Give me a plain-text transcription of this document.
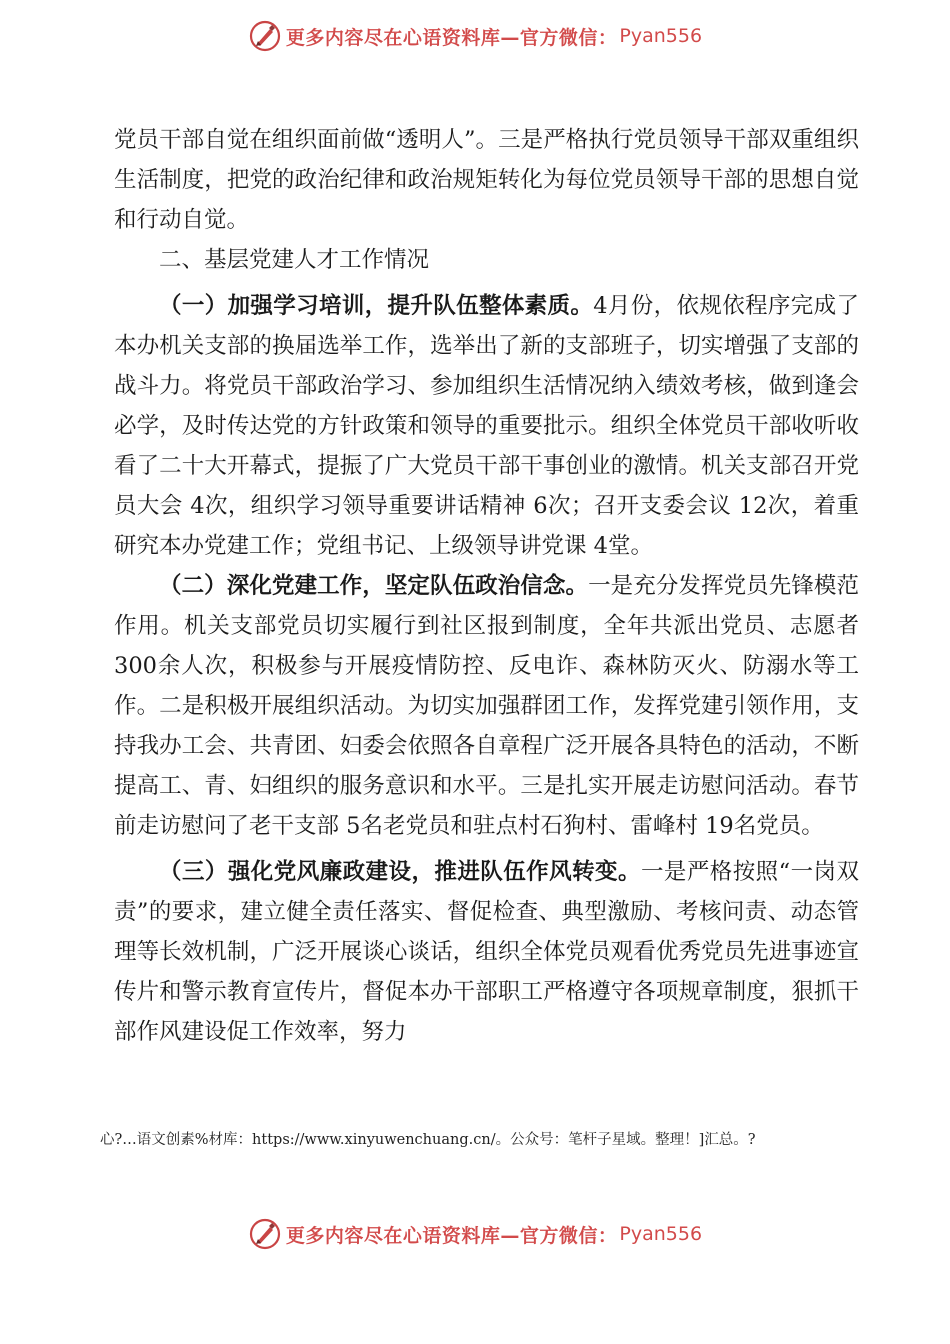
更多内容尽在心语资料库—官方微信： Pyan556

党员干部自觉在组织面前做“透明人”。三是严格执行党员领导干部双重组织生活制度，把党的政治纪律和政治规矩转化为每位党员领导干部的思想自觉和行动自觉。

二、基层党建人才工作情况

（一）加强学习培训，提升队伍整体素质。4月份，依规依程序完成了本办机关支部的换届选举工作，选举出了新的支部班子，切实增强了支部的战斗力。将党员干部政治学习、参加组织生活情况纳入绩效考核，做到逢会必学，及时传达党的方针政策和领导的重要批示。组织全体党员干部收听收看了二十大开幕式，提振了广大党员干部干事创业的激情。机关支部召开党员大会 4次，组织学习领导重要讲话精神 6次；召开支委会议 12次，着重研究本办党建工作；党组书记、上级领导讲党课 4堂。

（二）深化党建工作，坚定队伍政治信念。一是充分发挥党员先锋模范作用。机关支部党员切实履行到社区报到制度，全年共派出党员、志愿者 300余人次，积极参与开展疫情防控、反电诈、森林防灭火、防溺水等工作。二是积极开展组织活动。为切实加强群团工作，发挥党建引领作用，支持我办工会、共青团、妇委会依照各自章程广泛开展各具特色的活动，不断提高工、青、妇组织的服务意识和水平。三是扎实开展走访慰问活动。春节前走访慰问了老干支部 5名老党员和驻点村石狗村、雷峰村 19名党员。

（三）强化党风廉政建设，推进队伍作风转变。一是严格按照“一岗双责”的要求，建立健全责任落实、督促检查、典型激励、考核问责、动态管理等长效机制，广泛开展谈心谈话，组织全体党员观看优秀党员先进事迹宣传片和警示教育宣传片，督促本办干部职工严格遵守各项规章制度，狠抓干部作风建设促工作效率，努力

心?…语文创素%材库：https://www.xinyuwenchuang.cn/。公众号：笔杆子星域。整理！]汇总。?
更多内容尽在心语资料库—官方微信： Pyan556
